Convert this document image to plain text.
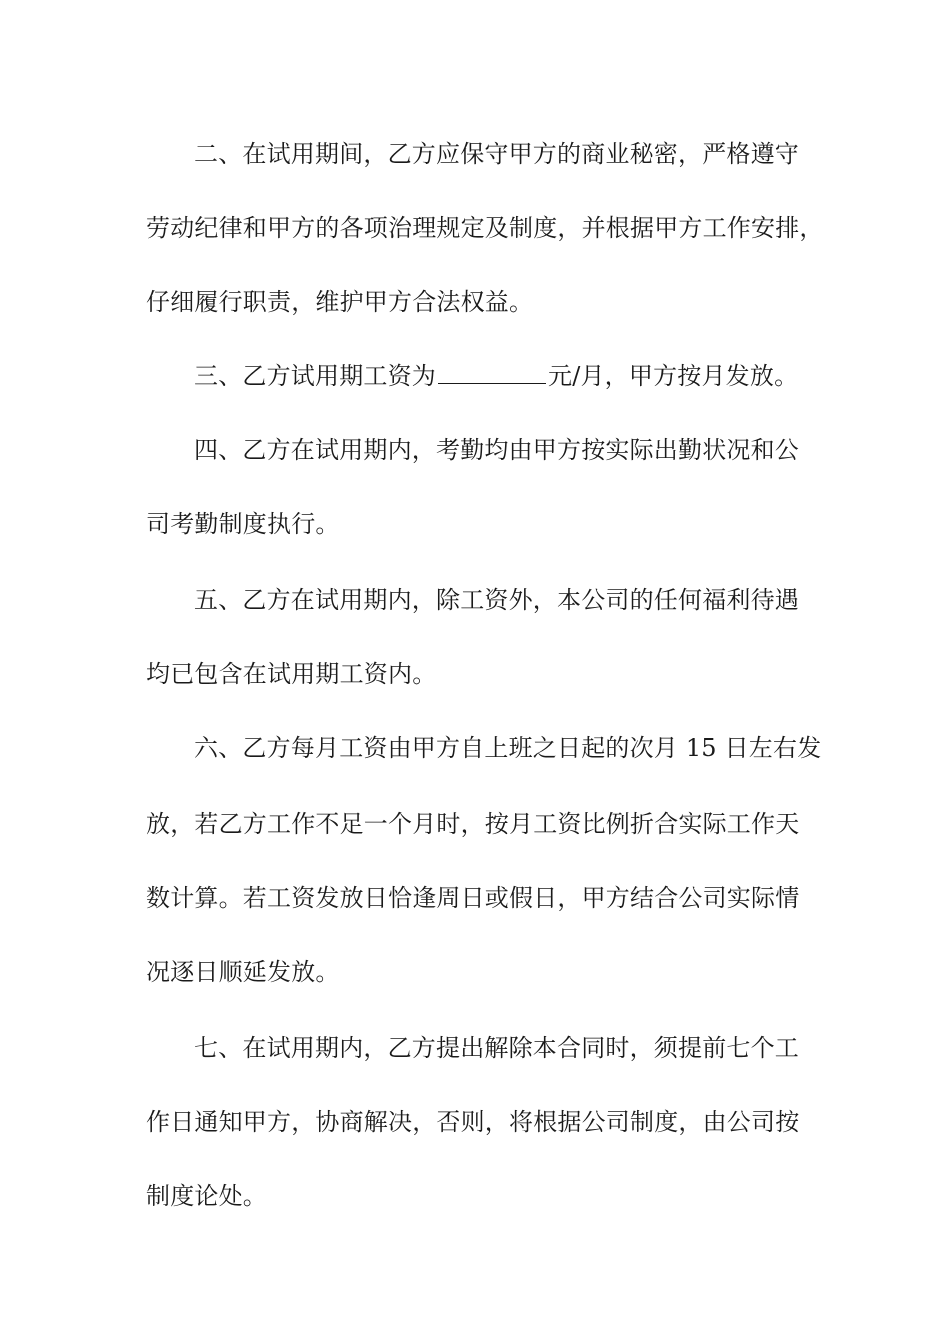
二、在试用期间，乙方应保守甲方的商业秘密，严格遵守
劳动纪律和甲方的各项治理规定及制度，并根据甲方工作安排，
仔细履行职责，维护甲方合法权益。
三、乙方试用期工资为	元/月，甲方按月发放。
四、乙方在试用期内，考勤均由甲方按实际出勤状况和公
司考勤制度执行。
五、乙方在试用期内，除工资外，本公司的任何福利待遇
均已包含在试用期工资内。
六、乙方每月工资由甲方自上班之日起的次月 15 日左右发
放，若乙方工作不足一个月时，按月工资比例折合实际工作天
数计算。若工资发放日恰逢周日或假日，甲方结合公司实际情
况逐日顺延发放。
七、在试用期内，乙方提出解除本合同时，须提前七个工
作日通知甲方，协商解决，否则，将根据公司制度，由公司按
制度论处。
